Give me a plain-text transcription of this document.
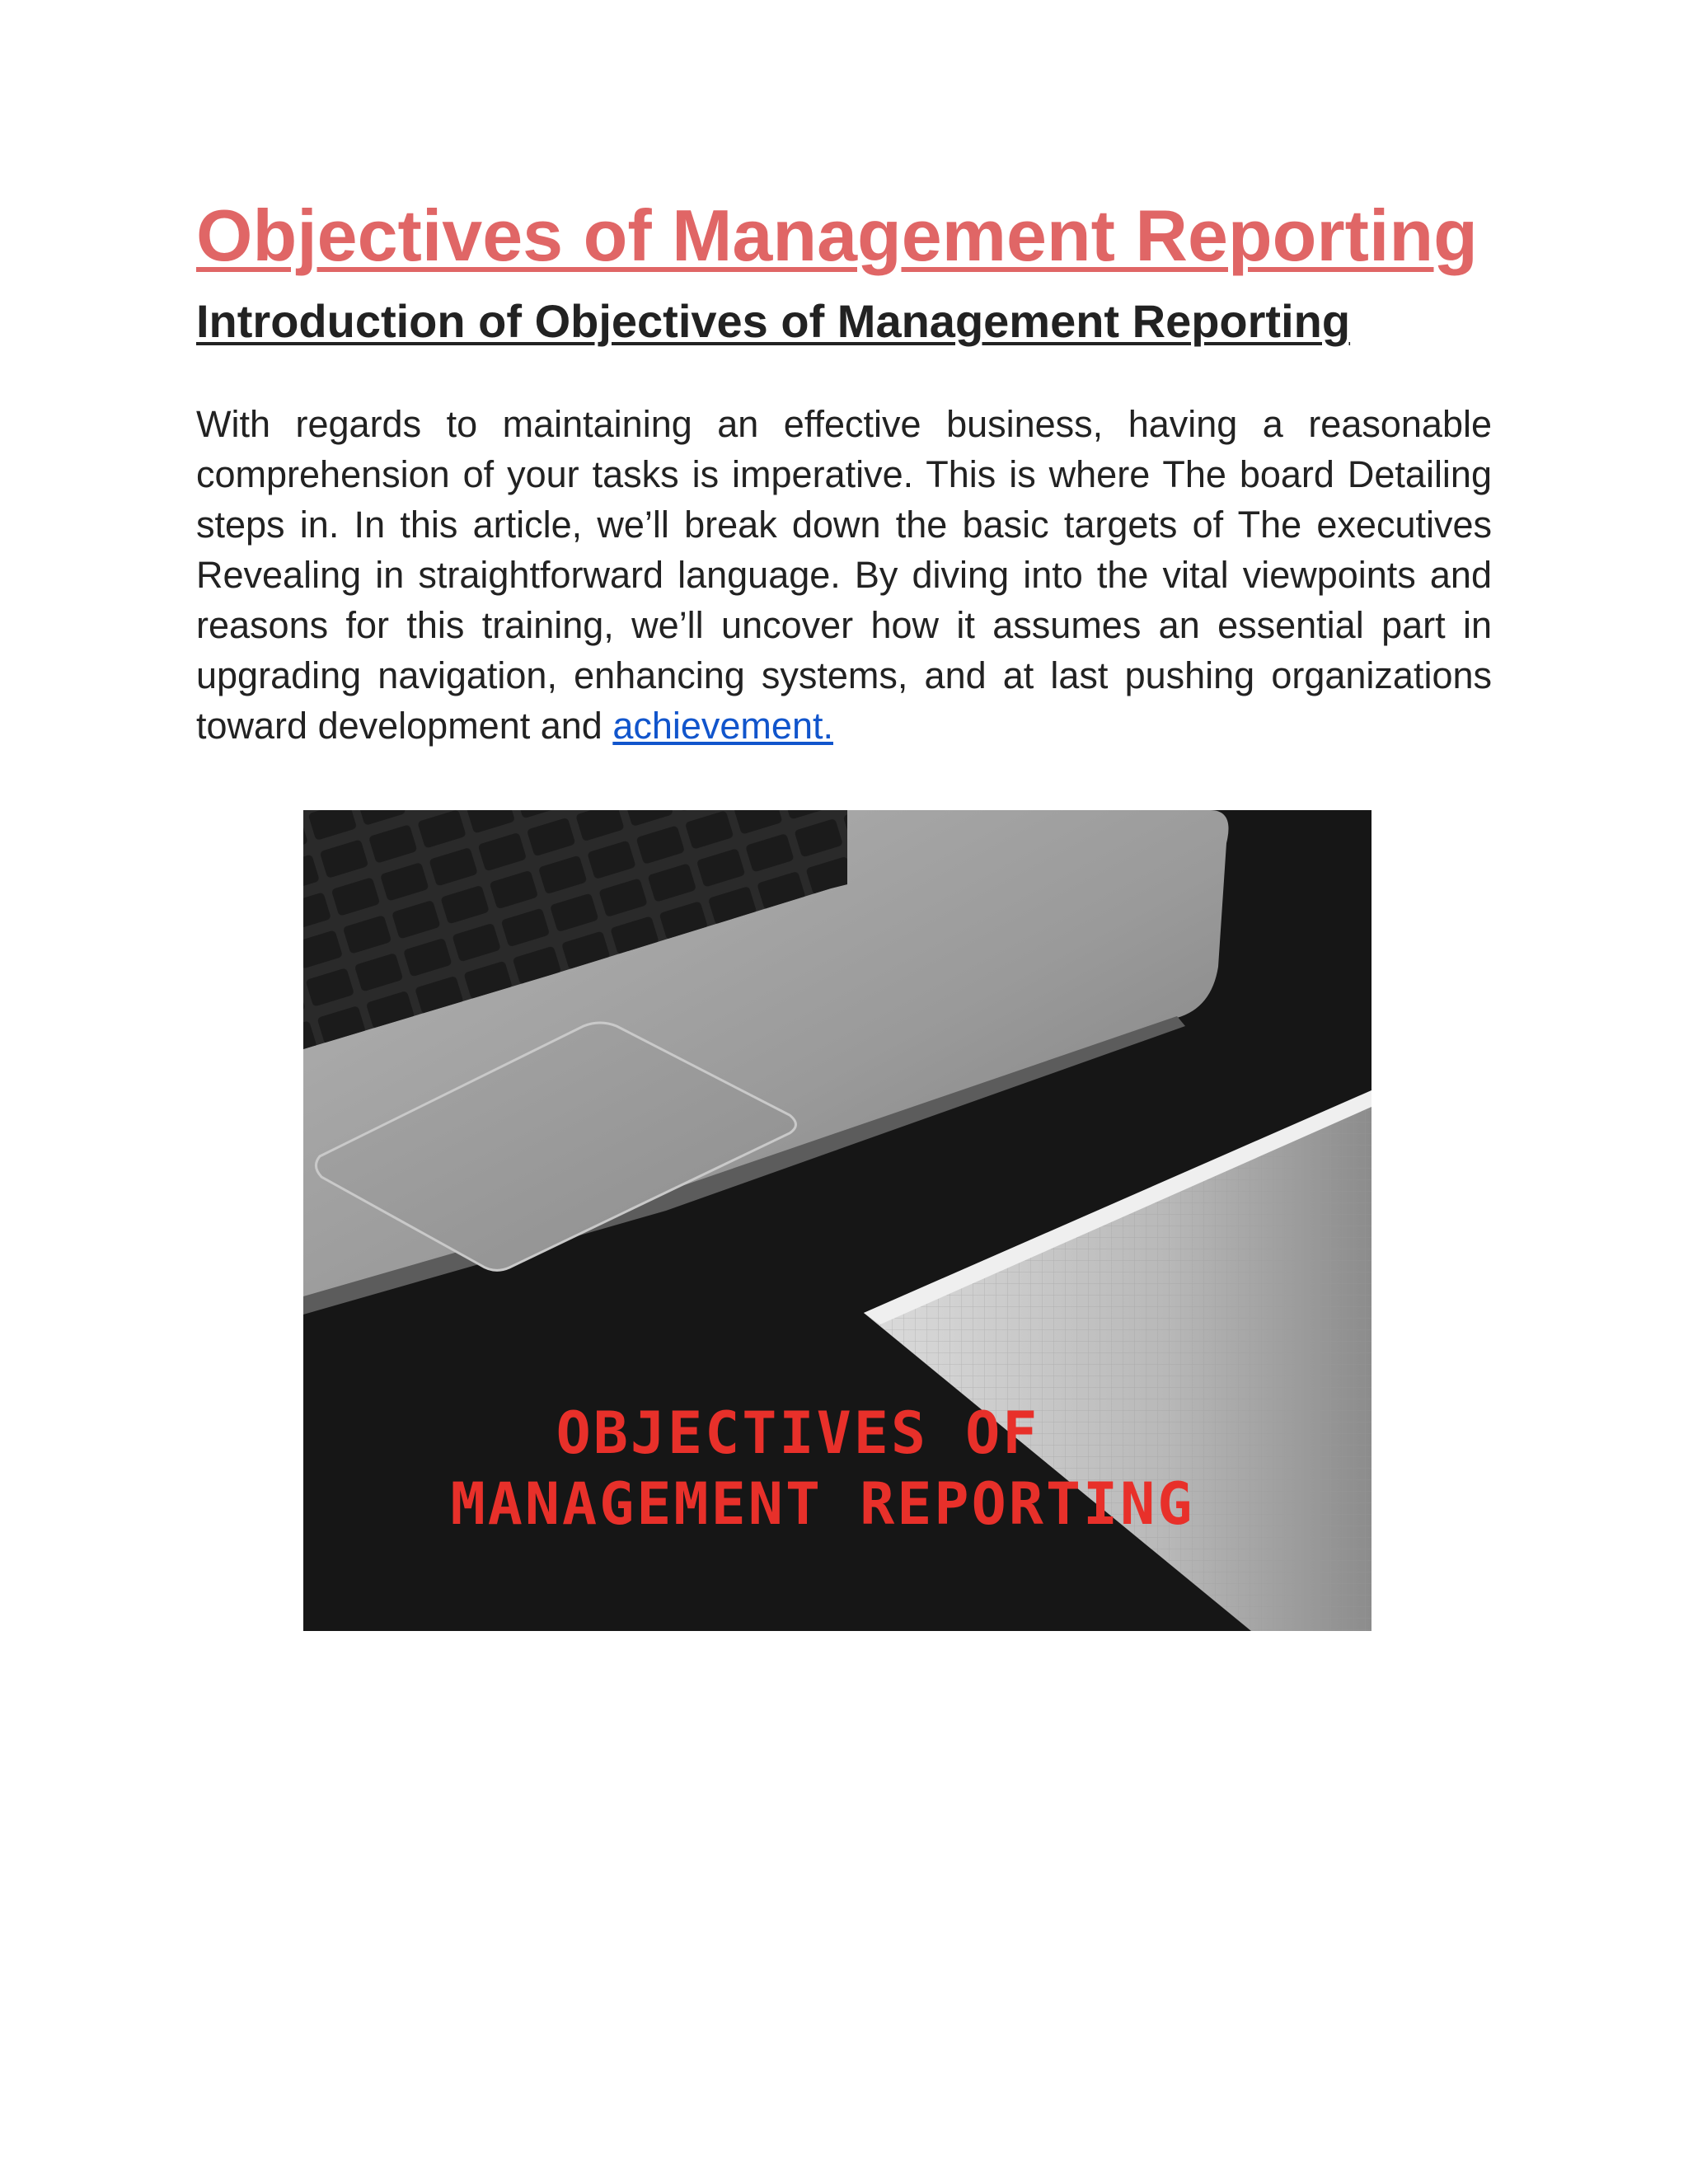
Objectives of Management Reporting
Introduction of Objectives of Management Reporting

With regards to maintaining an effective business, having a reasonable comprehension of your tasks is imperative. This is where The board Detailing steps in. In this article, we’ll break down the basic targets of The executives Revealing in straightforward language. By diving into the vital viewpoints and reasons for this training, we’ll uncover how it assumes an essential part in upgrading navigation, enhancing systems, and at last pushing organizations toward development and achievement.

OBJECTIVES OF
MANAGEMENT REPORTING
